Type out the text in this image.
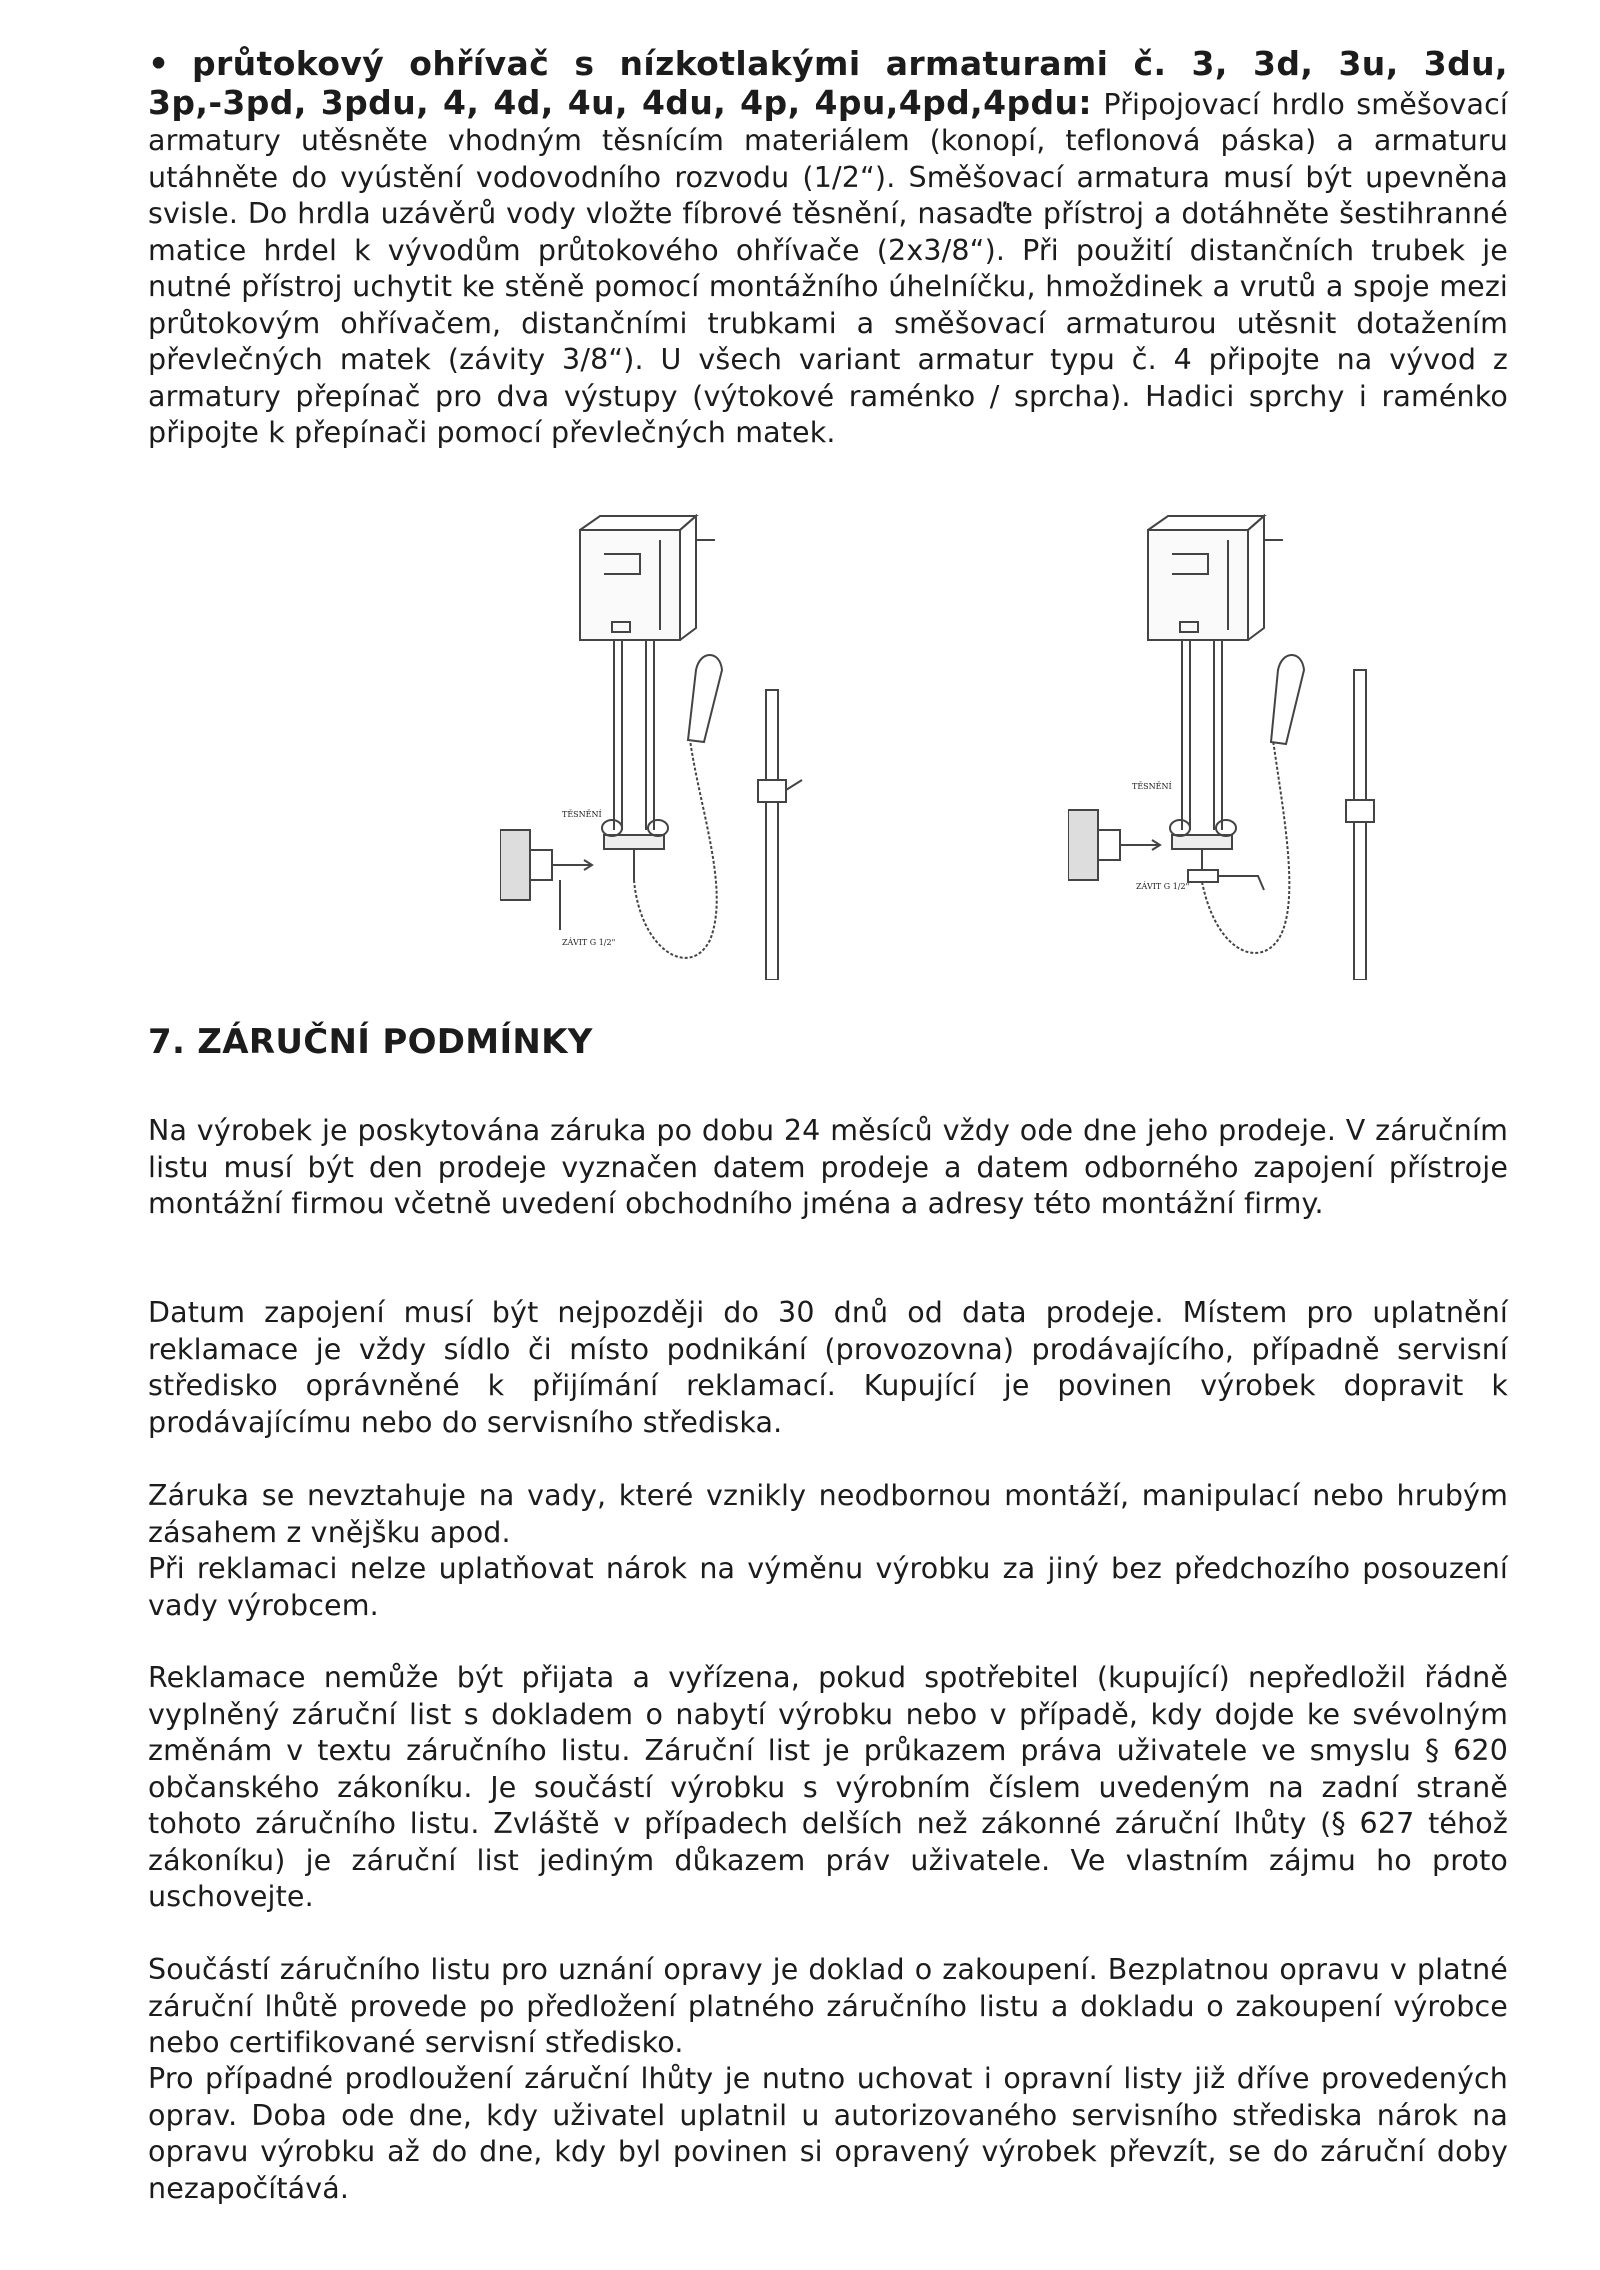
• průtokový ohřívač s nízkotlakými armaturami č. 3, 3d, 3u, 3du, 3p,-3pd, 3pdu, 4, 4d, 4u, 4du, 4p, 4pu,4pd,4pdu: Připojovací hrdlo směšovací armatury utěsněte vhodným těsnícím materiálem (konopí, teflonová páska) a armaturu utáhněte do vyústění vodovodního rozvodu (1/2“). Směšovací armatura musí být upevněna svisle. Do hrdla uzávěrů vody vložte fíbrové těsnění, nasaďte přístroj a dotáhněte šestihranné matice hrdel k vývodům průtokového ohřívače (2x3/8“). Při použití distančních trubek je nutné přístroj uchytit ke stěně pomocí montážního úhelníčku, hmoždinek a vrutů a spoje mezi průtokovým ohřívačem, distančními trubkami a směšovací armaturou utěsnit dotažením převlečných matek (závity 3/8“). U všech variant armatur typu č. 4 připojte na vývod z armatury přepínač pro dva výstupy (výtokové raménko / sprcha). Hadici sprchy i raménko připojte k přepínači pomocí převlečných matek.

TĚSNĚNÍ
ZÁVIT G 1/2"
TĚSNĚNÍ
ZÁVIT G 1/2"
7. ZÁRUČNÍ PODMÍNKY

Na výrobek je poskytována záruka po dobu 24 měsíců vždy ode dne jeho prodeje. V záručním listu musí být den prodeje vyznačen datem prodeje a datem odborného zapojení přístroje montážní firmou včetně uvedení obchodního jména a adresy této montážní firmy.

Datum zapojení musí být nejpozději do 30 dnů od data prodeje. Místem pro uplatnění reklamace je vždy sídlo či místo podnikání (provozovna) prodávajícího, případně servisní středisko oprávněné k přijímání reklamací. Kupující je povinen výrobek dopravit k prodávajícímu nebo do servisního střediska.

Záruka se nevztahuje na vady, které vznikly neodbornou montáží, manipulací nebo hrubým zásahem z vnějšku apod.

Při reklamaci nelze uplatňovat nárok na výměnu výrobku za jiný bez předchozího posouzení vady výrobcem.

Reklamace nemůže být přijata a vyřízena, pokud spotřebitel (kupující) nepředložil řádně vyplněný záruční list s dokladem o nabytí výrobku nebo v případě, kdy dojde ke svévolným změnám v textu záručního listu. Záruční list je průkazem práva uživatele ve smyslu § 620 občanského zákoníku. Je součástí výrobku s výrobním číslem uvedeným na zadní straně tohoto záručního listu. Zvláště v případech delších než zákonné záruční lhůty (§ 627 téhož zákoníku) je záruční list jediným důkazem práv uživatele. Ve vlastním zájmu ho proto uschovejte.

Součástí záručního listu pro uznání opravy je doklad o zakoupení. Bezplatnou opravu v platné záruční lhůtě provede po předložení platného záručního listu a dokladu o zakoupení výrobce nebo certifikované servisní středisko.

Pro případné prodloužení záruční lhůty je nutno uchovat i opravní listy již dříve provedených oprav. Doba ode dne, kdy uživatel uplatnil u autorizovaného servisního střediska nárok na opravu výrobku až do dne, kdy byl povinen si opravený výrobek převzít, se do záruční doby nezapočítává.
